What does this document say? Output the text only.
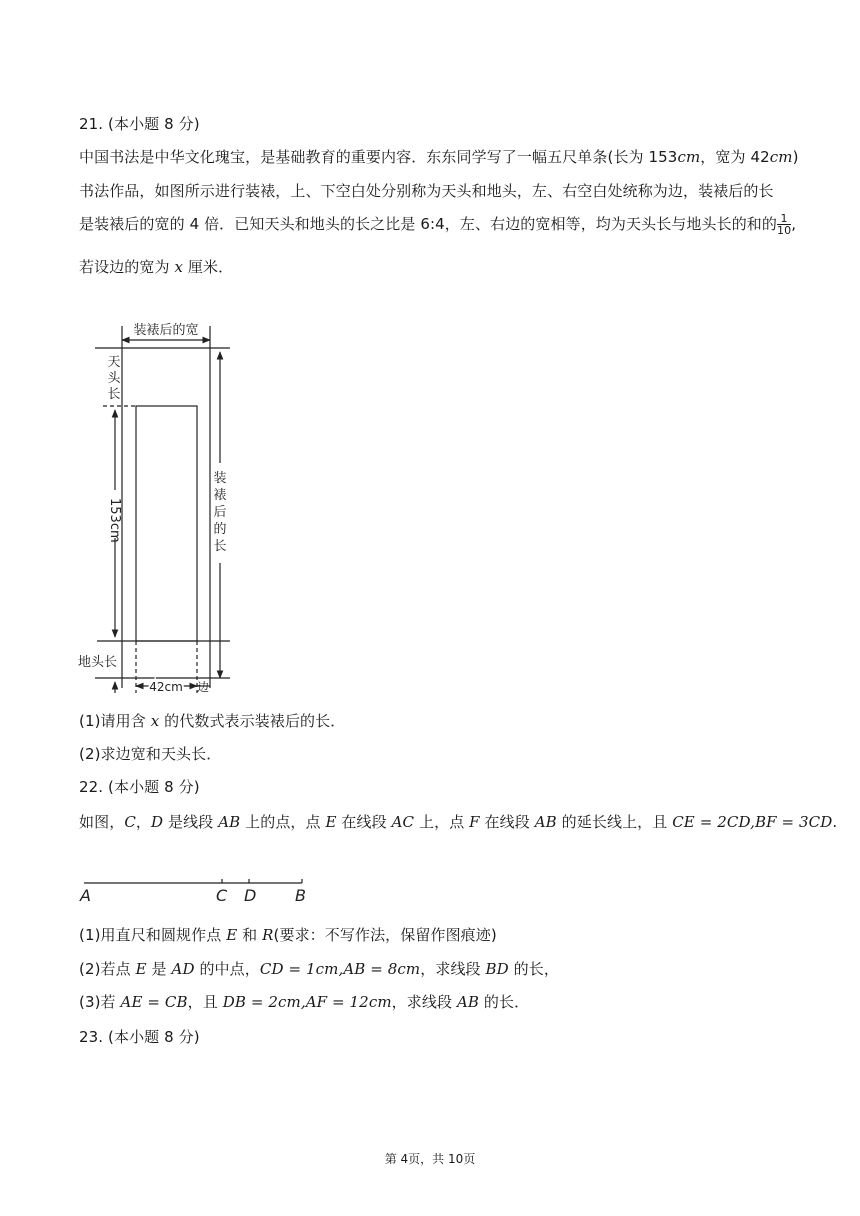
21. (本小题 8 分)
中国书法是中华文化瑰宝，是基础教育的重要内容．东东同学写了一幅五尺单条(长为 153cm，宽为 42cm)
书法作品，如图所示进行装裱，上、下空白处分别称为天头和地头，左、右空白处统称为边，装裱后的长
是装裱后的宽的 4 倍．已知天头和地头的长之比是 6:4，左、右边的宽相等，均为天头长与地头长的和的 $\frac{1}{10}$ ,
若设边的宽为 x 厘米．
装裱后的宽
天
头
长
153cm
装
裱
后
的
长
地头长
42cm 边
(1)请用含 x 的代数式表示装裱后的长．
(2)求边宽和天头长．
22. (本小题 8 分)
如图，C，D 是线段 AB 上的点，点 E 在线段 AC 上，点 F 在线段 AB 的延长线上，且 CE = 2CD,BF = 3CD.
A	C D B
(1)用直尺和圆规作点 E 和 R(要求：不写作法，保留作图痕迹)
(2)若点 E 是 AD 的中点，CD = 1cm,AB = 8cm，求线段 BD 的长，
(3)若 AE = CB，且 DB = 2cm,AF = 12cm，求线段 AB 的长．
23. (本小题 8 分)
第 4页，共 10页
